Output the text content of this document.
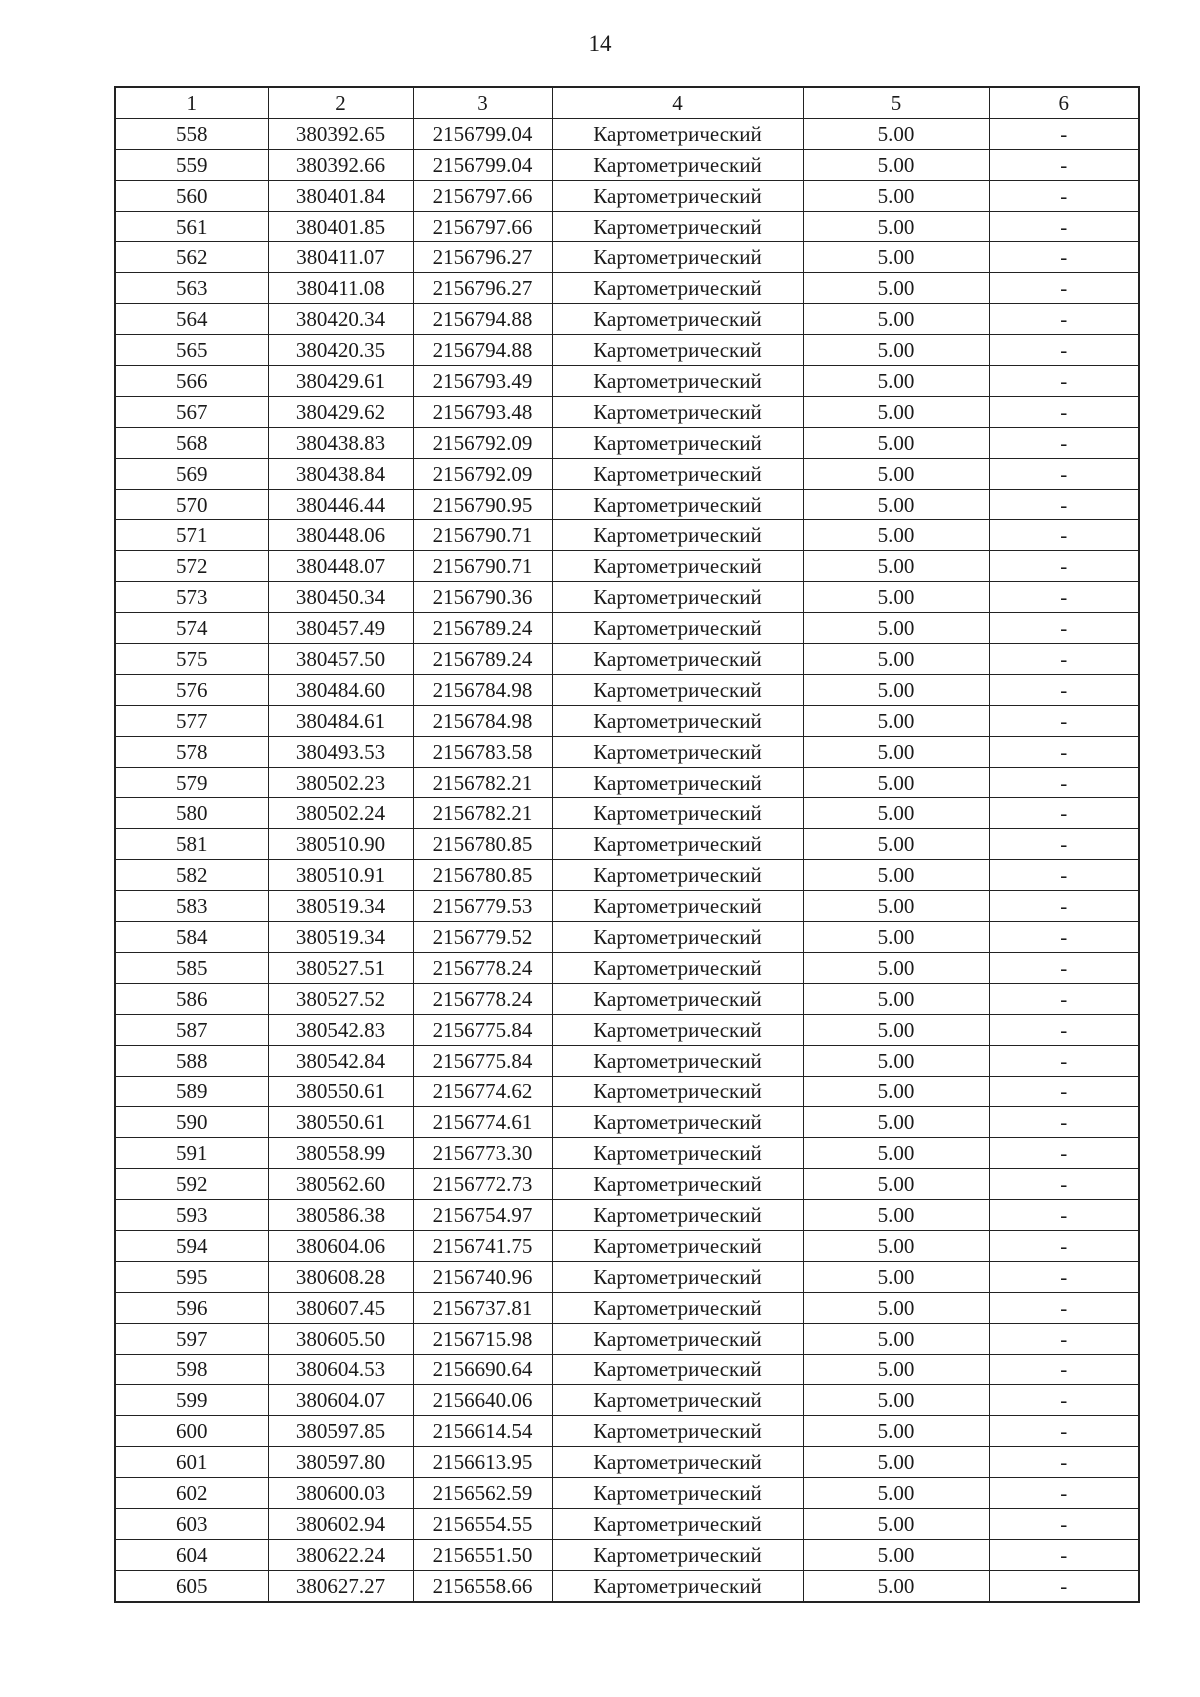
14
1	2	3	4	5	6
558	380392.65	2156799.04	Картометрический	5.00	-
559	380392.66	2156799.04	Картометрический	5.00	-
560	380401.84	2156797.66	Картометрический	5.00	-
561	380401.85	2156797.66	Картометрический	5.00	-
562	380411.07	2156796.27	Картометрический	5.00	-
563	380411.08	2156796.27	Картометрический	5.00	-
564	380420.34	2156794.88	Картометрический	5.00	-
565	380420.35	2156794.88	Картометрический	5.00	-
566	380429.61	2156793.49	Картометрический	5.00	-
567	380429.62	2156793.48	Картометрический	5.00	-
568	380438.83	2156792.09	Картометрический	5.00	-
569	380438.84	2156792.09	Картометрический	5.00	-
570	380446.44	2156790.95	Картометрический	5.00	-
571	380448.06	2156790.71	Картометрический	5.00	-
572	380448.07	2156790.71	Картометрический	5.00	-
573	380450.34	2156790.36	Картометрический	5.00	-
574	380457.49	2156789.24	Картометрический	5.00	-
575	380457.50	2156789.24	Картометрический	5.00	-
576	380484.60	2156784.98	Картометрический	5.00	-
577	380484.61	2156784.98	Картометрический	5.00	-
578	380493.53	2156783.58	Картометрический	5.00	-
579	380502.23	2156782.21	Картометрический	5.00	-
580	380502.24	2156782.21	Картометрический	5.00	-
581	380510.90	2156780.85	Картометрический	5.00	-
582	380510.91	2156780.85	Картометрический	5.00	-
583	380519.34	2156779.53	Картометрический	5.00	-
584	380519.34	2156779.52	Картометрический	5.00	-
585	380527.51	2156778.24	Картометрический	5.00	-
586	380527.52	2156778.24	Картометрический	5.00	-
587	380542.83	2156775.84	Картометрический	5.00	-
588	380542.84	2156775.84	Картометрический	5.00	-
589	380550.61	2156774.62	Картометрический	5.00	-
590	380550.61	2156774.61	Картометрический	5.00	-
591	380558.99	2156773.30	Картометрический	5.00	-
592	380562.60	2156772.73	Картометрический	5.00	-
593	380586.38	2156754.97	Картометрический	5.00	-
594	380604.06	2156741.75	Картометрический	5.00	-
595	380608.28	2156740.96	Картометрический	5.00	-
596	380607.45	2156737.81	Картометрический	5.00	-
597	380605.50	2156715.98	Картометрический	5.00	-
598	380604.53	2156690.64	Картометрический	5.00	-
599	380604.07	2156640.06	Картометрический	5.00	-
600	380597.85	2156614.54	Картометрический	5.00	-
601	380597.80	2156613.95	Картометрический	5.00	-
602	380600.03	2156562.59	Картометрический	5.00	-
603	380602.94	2156554.55	Картометрический	5.00	-
604	380622.24	2156551.50	Картометрический	5.00	-
605	380627.27	2156558.66	Картометрический	5.00	-
